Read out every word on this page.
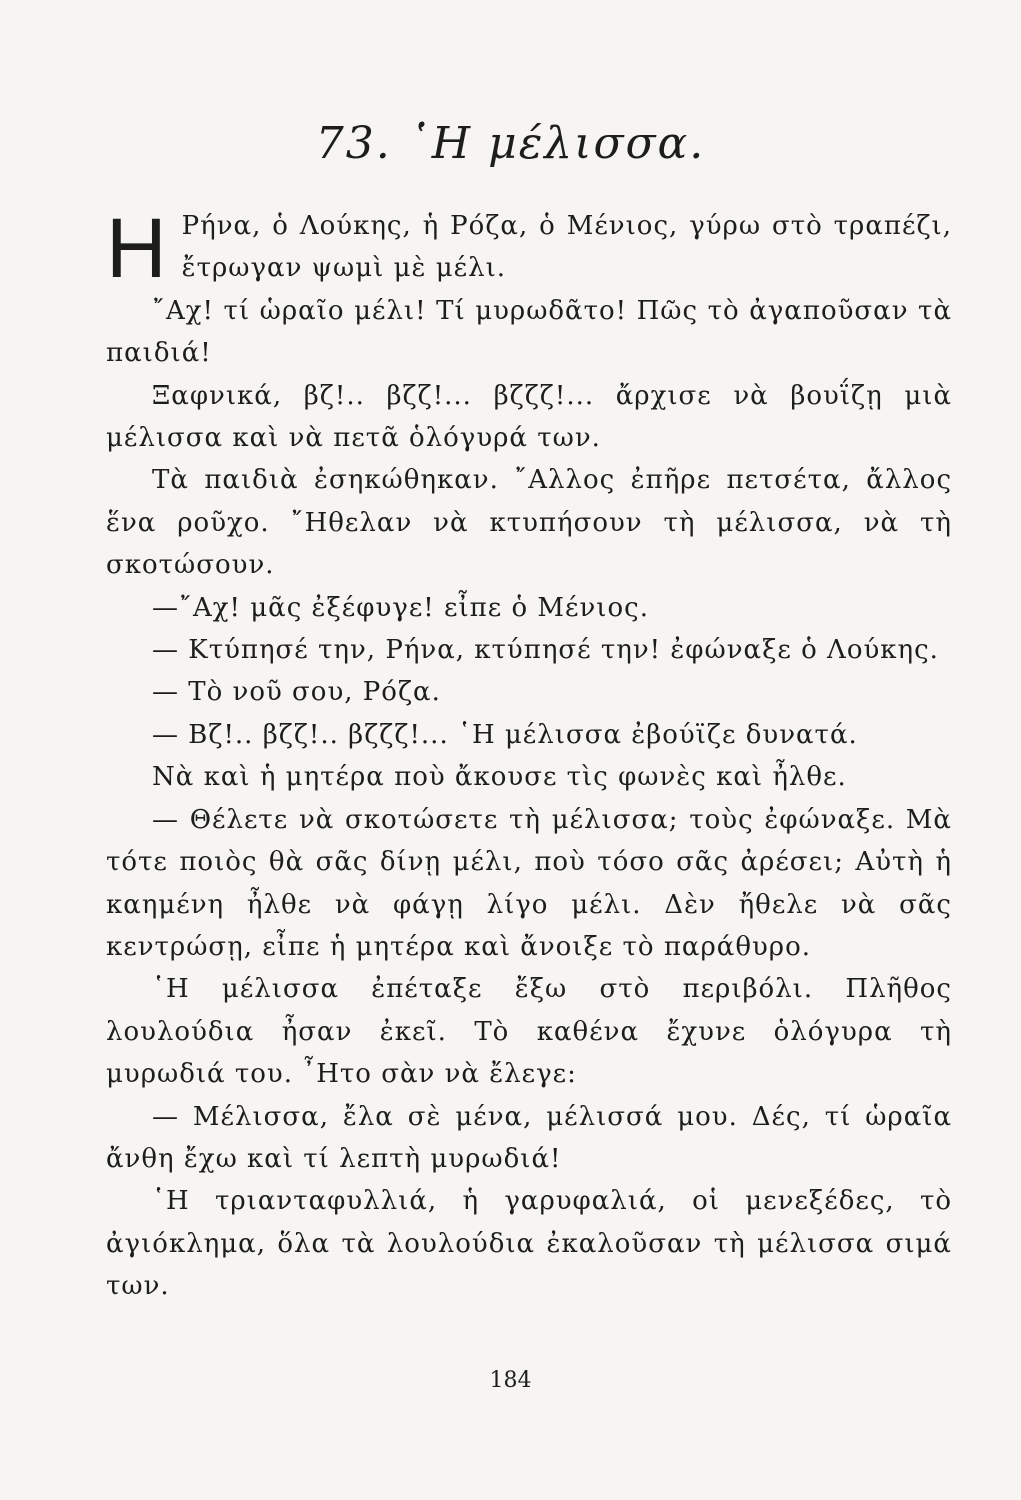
73. ῾Η μέλισσα.

Η Ρήνα, ὁ Λούκης, ἡ Ρόζα, ὁ Μένιος, γύρω στὸ τραπέζι, ἔτρωγαν ψωμὶ μὲ μέλι.

῎Αχ! τί ὡραῖο μέλι! Τί μυρωδᾶτο! Πῶς τὸ ἀγαποῦσαν τὰ παιδιά!

Ξαφνικά, βζ!.. βζζ!... βζζζ!... ἄρχισε νὰ βουΐζῃ μιὰ μέλισσα καὶ νὰ πετᾶ ὁλόγυρά των.

Τὰ παιδιὰ ἐσηκώθηκαν. ῎Αλλος ἐπῆρε πετσέτα, ἄλλος ἕνα ροῦχο. ῎Ηθελαν νὰ κτυπήσουν τὴ μέλισσα, νὰ τὴ σκοτώσουν.

—῎Αχ! μᾶς ἐξέφυγε! εἶπε ὁ Μένιος.

— Κτύπησέ την, Ρήνα, κτύπησέ την! ἐφώναξε ὁ Λούκης.

— Τὸ νοῦ σου, Ρόζα.

— Βζ!.. βζζ!.. βζζζ!... ῾Η μέλισσα ἐβούϊζε δυνατά.

Νὰ καὶ ἡ μητέρα ποὺ ἄκουσε τὶς φωνὲς καὶ ἦλθε.

— Θέλετε νὰ σκοτώσετε τὴ μέλισσα; τοὺς ἐφώναξε. Μὰ τότε ποιὸς θὰ σᾶς δίνῃ μέλι, ποὺ τόσο σᾶς ἀρέσει; Αὐτὴ ἡ καημένη ἦλθε νὰ φάγῃ λίγο μέλι. Δὲν ἤθελε νὰ σᾶς κεντρώσῃ, εἶπε ἡ μητέρα καὶ ἄνοιξε τὸ παράθυρο.

῾Η μέλισσα ἐπέταξε ἔξω στὸ περιβόλι. Πλῆθος λουλούδια ἦσαν ἐκεῖ. Τὸ καθένα ἔχυνε ὁλόγυρα τὴ μυρωδιά του. ῏Ητο σὰν νὰ ἔλεγε:

— Μέλισσα, ἔλα σὲ μένα, μέλισσά μου. Δές, τί ὡραῖα ἄνθη ἔχω καὶ τί λεπτὴ μυρωδιά!

῾Η τριανταφυλλιά, ἡ γαρυφαλιά, οἱ μενεξέδες, τὸ ἀγιόκλημα, ὅλα τὰ λουλούδια ἐκαλοῦσαν τὴ μέλισσα σιμά των.

184
